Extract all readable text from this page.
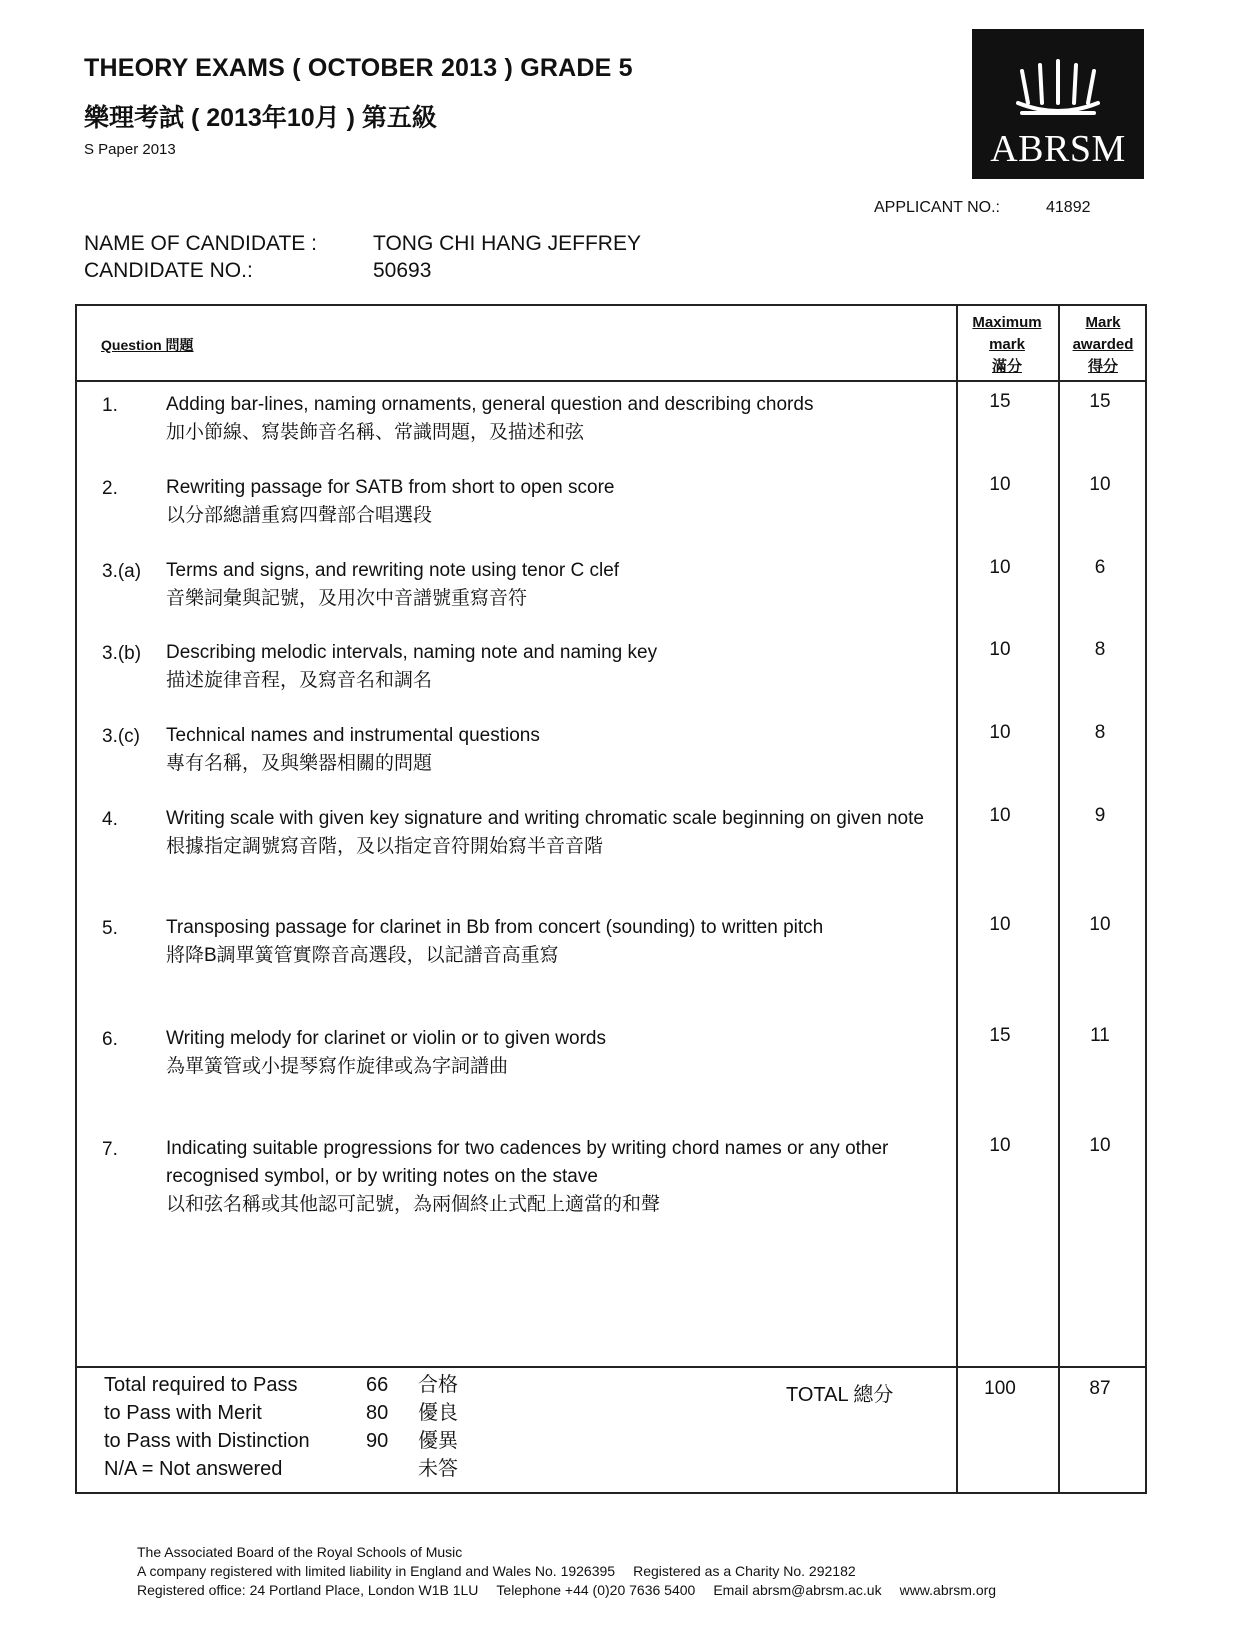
THEORY EXAMS ( OCTOBER 2013 ) GRADE 5
樂理考試 ( 2013年10月 ) 第五級
S Paper 2013	ABRSM
APPLICANT NO.:	41892
NAME OF CANDIDATE :	TONG CHI HANG JEFFREY
CANDIDATE NO.:	50693
Question 問題
Maximum
mark
滿分
Mark
awarded
得分
1.	Adding bar-lines, naming ornaments, general question and describing chords
加小節線、寫裝飾音名稱、常識問題，及描述和弦
15	15
2.	Rewriting passage for SATB from short to open score
以分部總譜重寫四聲部合唱選段
10	10
3.(a) Terms and signs, and rewriting note using tenor C clef
音樂詞彙與記號，及用次中音譜號重寫音符
10	6
3.(b) Describing melodic intervals, naming note and naming key
描述旋律音程，及寫音名和調名
10	8
3.(c) Technical names and instrumental questions
專有名稱，及與樂器相關的問題
10	8
4.	Writing scale with given key signature and writing chromatic scale beginning on given note
根據指定調號寫音階，及以指定音符開始寫半音音階
10	9
5.	Transposing passage for clarinet in Bb from concert (sounding) to written pitch
將降B調單簧管實際音高選段，以記譜音高重寫
10	10
6.	Writing melody for clarinet or violin or to given words
為單簧管或小提琴寫作旋律或為字詞譜曲
15	11
7.	Indicating suitable progressions for two cadences by writing chord names or any other recognised symbol, or by writing notes on the stave
以和弦名稱或其他認可記號，為兩個終止式配上適當的和聲
10	10
Total required to Pass	66 合格
to Pass with Merit	80 優良
to Pass with Distinction	90 優異
N/A = Not answered	未答
TOTAL 總分	100	87
The Associated Board of the Royal Schools of Music
A company registered with limited liability in England and Wales No. 1926395 Registered as a Charity No. 292182
Registered office: 24 Portland Place, London W1B 1LU Telephone +44 (0)20 7636 5400 Email abrsm@abrsm.ac.uk www.abrsm.org
